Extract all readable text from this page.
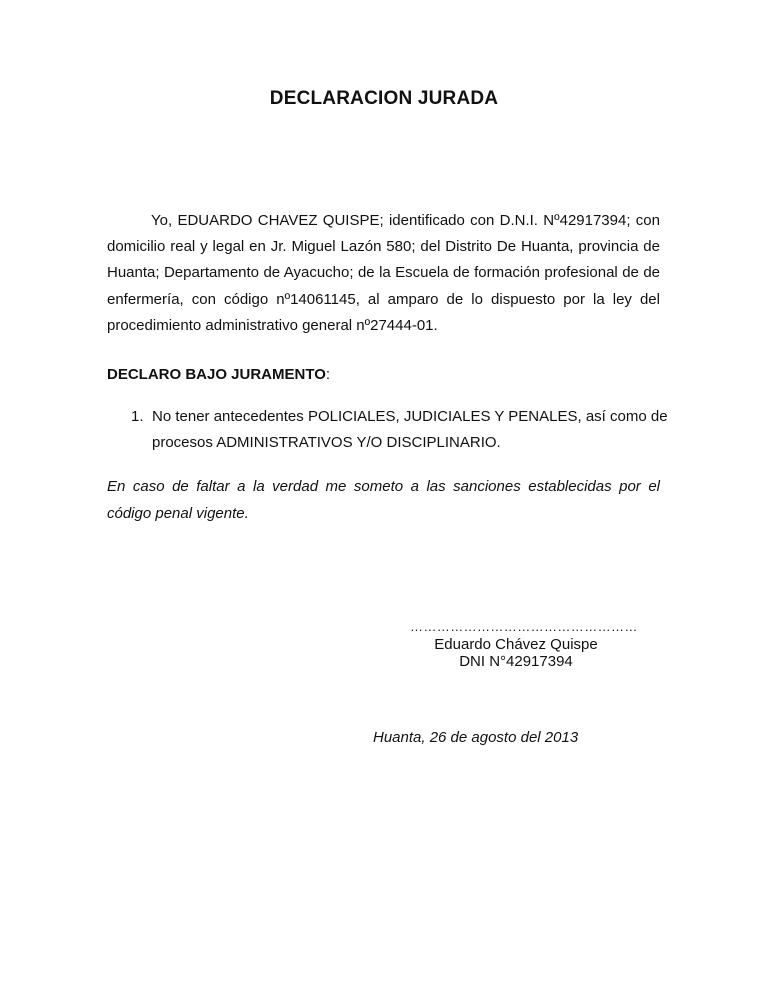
DECLARACION JURADA

Yo, EDUARDO CHAVEZ QUISPE; identificado con D.N.I. Nº42917394; con domicilio real y legal en Jr. Miguel Lazón 580; del Distrito De Huanta, provincia de Huanta; Departamento de Ayacucho; de la Escuela de formación profesional de de enfermería, con código nº14061145, al amparo de lo dispuesto por la ley del procedimiento administrativo general nº27444-01.

DECLARO BAJO JURAMENTO:

1. No tener antecedentes POLICIALES, JUDICIALES Y PENALES, así como de procesos ADMINISTRATIVOS Y/O DISCIPLINARIO.

En caso de faltar a la verdad me someto a las sanciones establecidas por el código penal vigente.

……………………………………………
Eduardo Chávez Quispe
DNI N°42917394
Huanta, 26 de agosto del 2013
